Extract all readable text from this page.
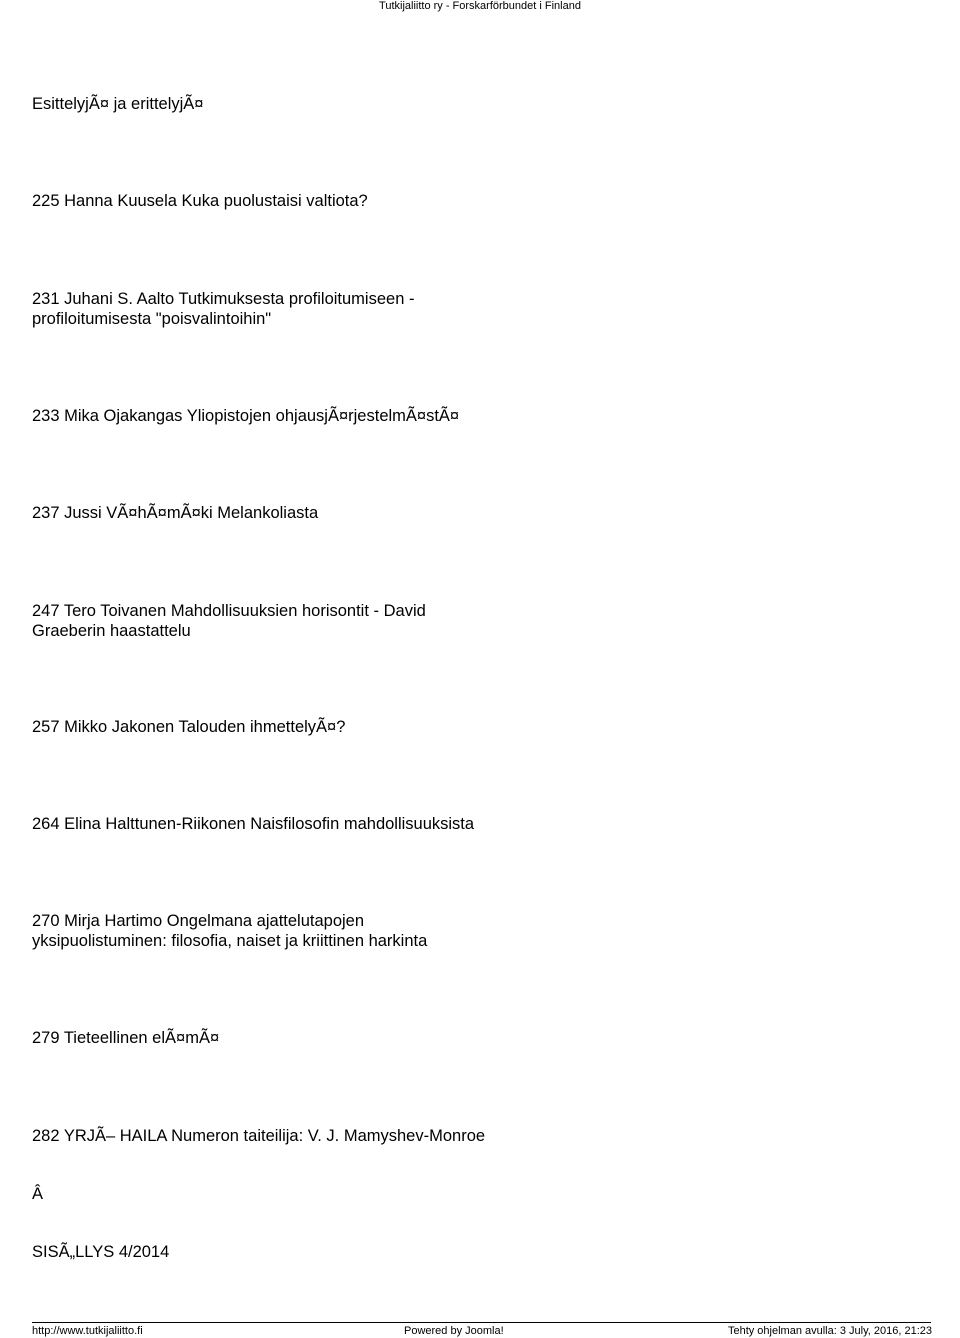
Tutkijaliitto ry - Forskarförbundet i Finland
EsittelyjÃ¤ ja erittelyjÃ¤
225 Hanna Kuusela Kuka puolustaisi valtiota?
231 Juhani S. Aalto Tutkimuksesta profiloitumiseen -
profiloitumisesta "poisvalintoihin"
233 Mika Ojakangas Yliopistojen ohjausjÃ¤rjestelmÃ¤stÃ¤
237 Jussi VÃ¤hÃ¤mÃ¤ki Melankoliasta
247 Tero Toivanen Mahdollisuuksien horisontit - David
Graeberin haastattelu
257 Mikko Jakonen Talouden ihmettelyÃ¤?
264 Elina Halttunen-Riikonen Naisfilosofin mahdollisuuksista
270 Mirja Hartimo Ongelmana ajattelutapojen
yksipuolistuminen: filosofia, naiset ja kriittinen harkinta
279 Tieteellinen elÃ¤mÃ¤
282 YRJÃ– HAILA Numeron taiteilija: V. J. Mamyshev-Monroe
Â
SISÃ„LLYS 4/2014
http://www.tutkijaliitto.fi	Powered by Joomla!	Tehty ohjelman avulla: 3 July, 2016, 21:23
